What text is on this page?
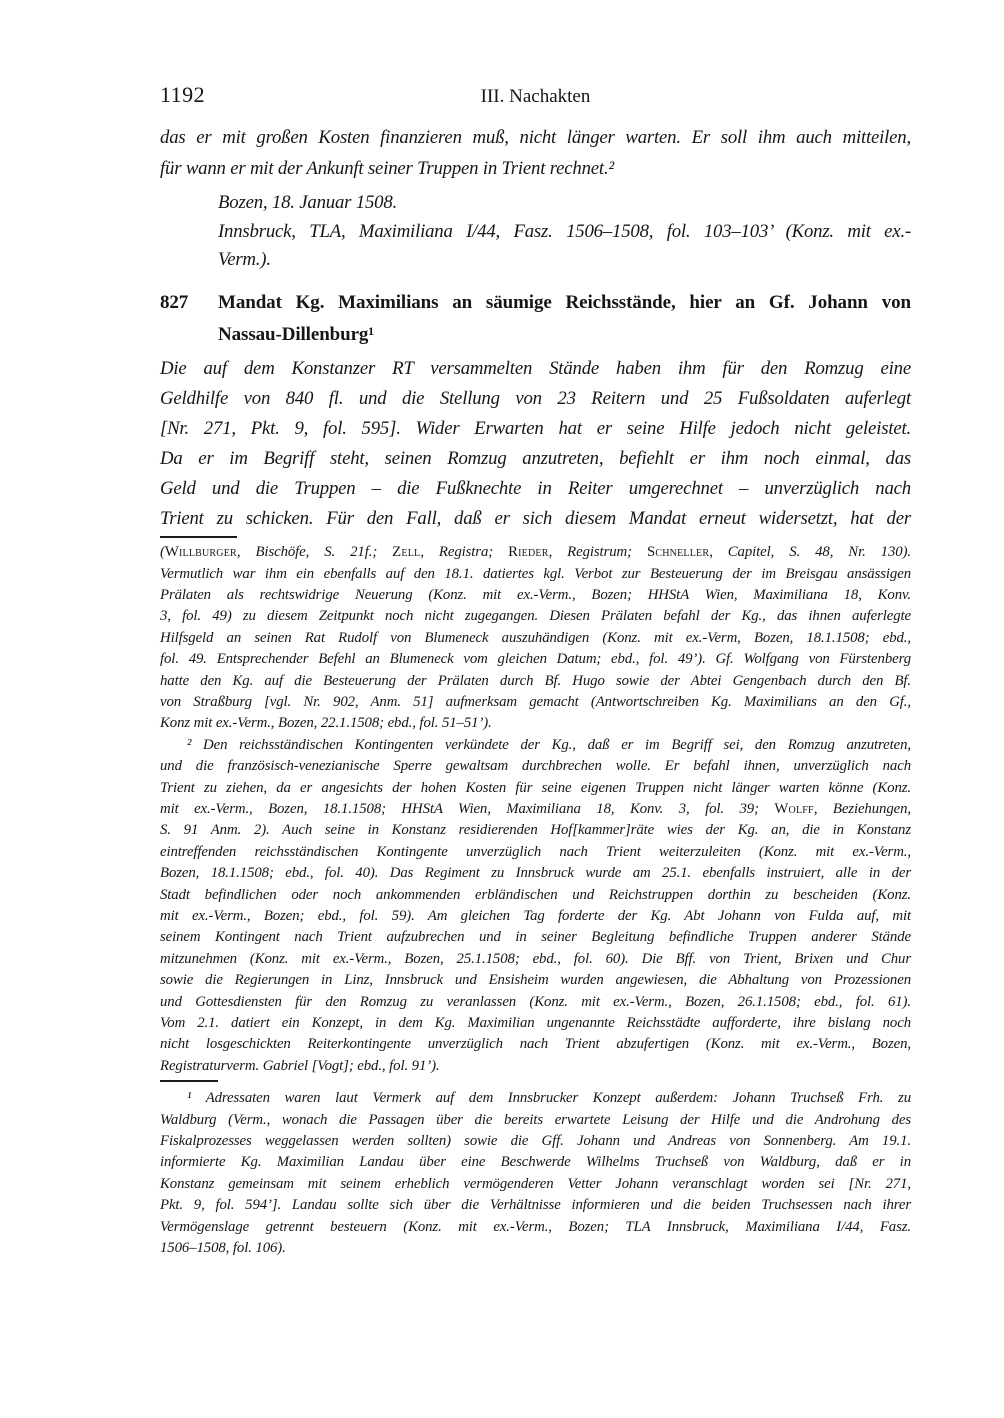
1192	III. Nachakten
das er mit großen Kosten finanzieren muß, nicht länger warten. Er soll ihm auch mitteilen,
für wann er mit der Ankunft seiner Truppen in Trient rechnet.²
Bozen, 18. Januar 1508.
Innsbruck, TLA, Maximiliana I/44, Fasz. 1506–1508, fol. 103–103’ (Konz. mit ex.-
Verm.).
827 Mandat Kg. Maximilians an säumige Reichsstände, hier an Gf. Johann von
Nassau-Dillenburg¹
Die auf dem Konstanzer RT versammelten Stände haben ihm für den Romzug eine
Geldhilfe von 840 fl. und die Stellung von 23 Reitern und 25 Fußsoldaten auferlegt
[Nr. 271, Pkt. 9, fol. 595]. Wider Erwarten hat er seine Hilfe jedoch nicht geleistet.
Da er im Begriff steht, seinen Romzug anzutreten, befiehlt er ihm noch einmal, das
Geld und die Truppen – die Fußknechte in Reiter umgerechnet – unverzüglich nach
Trient zu schicken. Für den Fall, daß er sich diesem Mandat erneut widersetzt, hat der
(Willburger, Bischöfe, S. 21f.; Zell, Registra; Rieder, Registrum; Schneller, Capitel, S. 48, Nr. 130).
Vermutlich war ihm ein ebenfalls auf den 18.1. datiertes kgl. Verbot zur Besteuerung der im Breisgau ansässigen
Prälaten als rechtswidrige Neuerung (Konz. mit ex.-Verm., Bozen; HHStA Wien, Maximiliana 18, Konv.
3, fol. 49) zu diesem Zeitpunkt noch nicht zugegangen. Diesen Prälaten befahl der Kg., das ihnen auferlegte
Hilfsgeld an seinen Rat Rudolf von Blumeneck auszuhändigen (Konz. mit ex.-Verm, Bozen, 18.1.1508; ebd.,
fol. 49. Entsprechender Befehl an Blumeneck vom gleichen Datum; ebd., fol. 49’). Gf. Wolfgang von Fürstenberg
hatte den Kg. auf die Besteuerung der Prälaten durch Bf. Hugo sowie der Abtei Gengenbach durch den Bf.
von Straßburg [vgl. Nr. 902, Anm. 51] aufmerksam gemacht (Antwortschreiben Kg. Maximilians an den Gf.,
Konz mit ex.-Verm., Bozen, 22.1.1508; ebd., fol. 51–51’).
² Den reichsständischen Kontingenten verkündete der Kg., daß er im Begriff sei, den Romzug anzutreten,
und die französisch-venezianische Sperre gewaltsam durchbrechen wolle. Er befahl ihnen, unverzüglich nach
Trient zu ziehen, da er angesichts der hohen Kosten für seine eigenen Truppen nicht länger warten könne (Konz.
mit ex.-Verm., Bozen, 18.1.1508; HHStA Wien, Maximiliana 18, Konv. 3, fol. 39; Wolff, Beziehungen,
S. 91 Anm. 2). Auch seine in Konstanz residierenden Hof[kammer]räte wies der Kg. an, die in Konstanz
eintreffenden reichsständischen Kontingente unverzüglich nach Trient weiterzuleiten (Konz. mit ex.-Verm.,
Bozen, 18.1.1508; ebd., fol. 40). Das Regiment zu Innsbruck wurde am 25.1. ebenfalls instruiert, alle in der
Stadt befindlichen oder noch ankommenden erbländischen und Reichstruppen dorthin zu bescheiden (Konz.
mit ex.-Verm., Bozen; ebd., fol. 59). Am gleichen Tag forderte der Kg. Abt Johann von Fulda auf, mit
seinem Kontingent nach Trient aufzubrechen und in seiner Begleitung befindliche Truppen anderer Stände
mitzunehmen (Konz. mit ex.-Verm., Bozen, 25.1.1508; ebd., fol. 60). Die Bff. von Trient, Brixen und Chur
sowie die Regierungen in Linz, Innsbruck und Ensisheim wurden angewiesen, die Abhaltung von Prozessionen
und Gottesdiensten für den Romzug zu veranlassen (Konz. mit ex.-Verm., Bozen, 26.1.1508; ebd., fol. 61).
Vom 2.1. datiert ein Konzept, in dem Kg. Maximilian ungenannte Reichsstädte aufforderte, ihre bislang noch
nicht losgeschickten Reiterkontingente unverzüglich nach Trient abzufertigen (Konz. mit ex.-Verm., Bozen,
Registraturverm. Gabriel [Vogt]; ebd., fol. 91’).
¹ Adressaten waren laut Vermerk auf dem Innsbrucker Konzept außerdem: Johann Truchseß Frh. zu
Waldburg (Verm., wonach die Passagen über die bereits erwartete Leisung der Hilfe und die Androhung des
Fiskalprozesses weggelassen werden sollten) sowie die Gff. Johann und Andreas von Sonnenberg. Am 19.1.
informierte Kg. Maximilian Landau über eine Beschwerde Wilhelms Truchseß von Waldburg, daß er in
Konstanz gemeinsam mit seinem erheblich vermögenderen Vetter Johann veranschlagt worden sei [Nr. 271,
Pkt. 9, fol. 594’]. Landau sollte sich über die Verhältnisse informieren und die beiden Truchsessen nach ihrer
Vermögenslage getrennt besteuern (Konz. mit ex.-Verm., Bozen; TLA Innsbruck, Maximiliana I/44, Fasz.
1506–1508, fol. 106).
